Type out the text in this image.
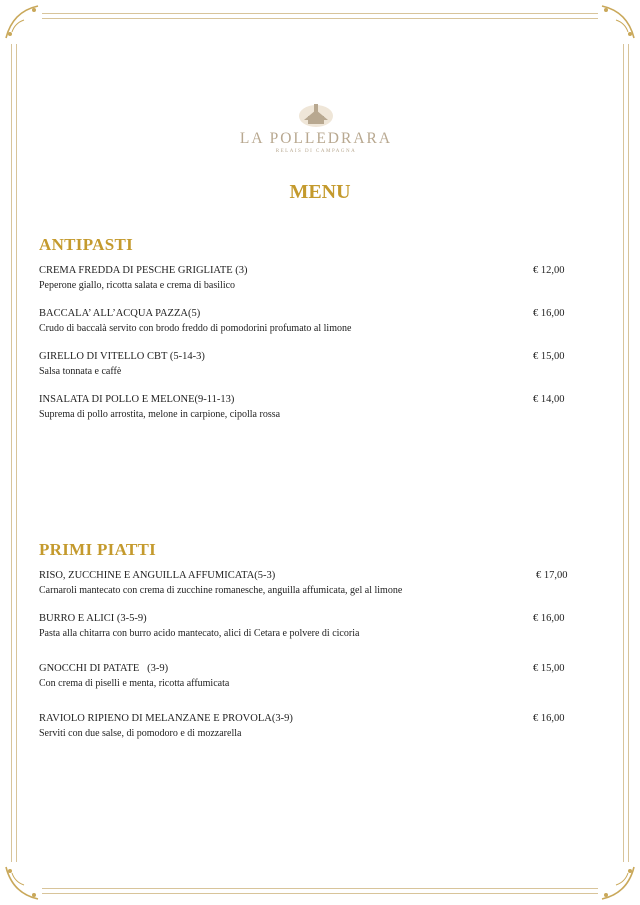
LA POLLEDRARA
RELAIS DI CAMPAGNA
MENU
ANTIPASTI
CREMA FREDDA DI PESCHE GRIGLIATE (3)	€ 12,00
Peperone giallo, ricotta salata e crema di basilico
BACCALA’ ALL’ACQUA PAZZA(5)	€ 16,00
Crudo di baccalà servito con brodo freddo di pomodorini profumato al limone
GIRELLO DI VITELLO CBT (5-14-3)	€ 15,00
Salsa tonnata e caffè
INSALATA DI POLLO E MELONE(9-11-13)	€ 14,00
Suprema di pollo arrostita, melone in carpione, cipolla rossa
PRIMI PIATTI
RISO, ZUCCHINE E ANGUILLA AFFUMICATA(5-3)	€ 17,00
Carnaroli mantecato con crema di zucchine romanesche, anguilla affumicata, gel al limone
BURRO E ALICI (3-5-9)	€ 16,00
Pasta alla chitarra con burro acido mantecato, alici di Cetara e polvere di cicoria
GNOCCHI DI PATATE   (3-9)	€ 15,00
Con crema di piselli e menta, ricotta affumicata
RAVIOLO RIPIENO DI MELANZANE E PROVOLA(3-9)	€ 16,00
Serviti con due salse, di pomodoro e di mozzarella
